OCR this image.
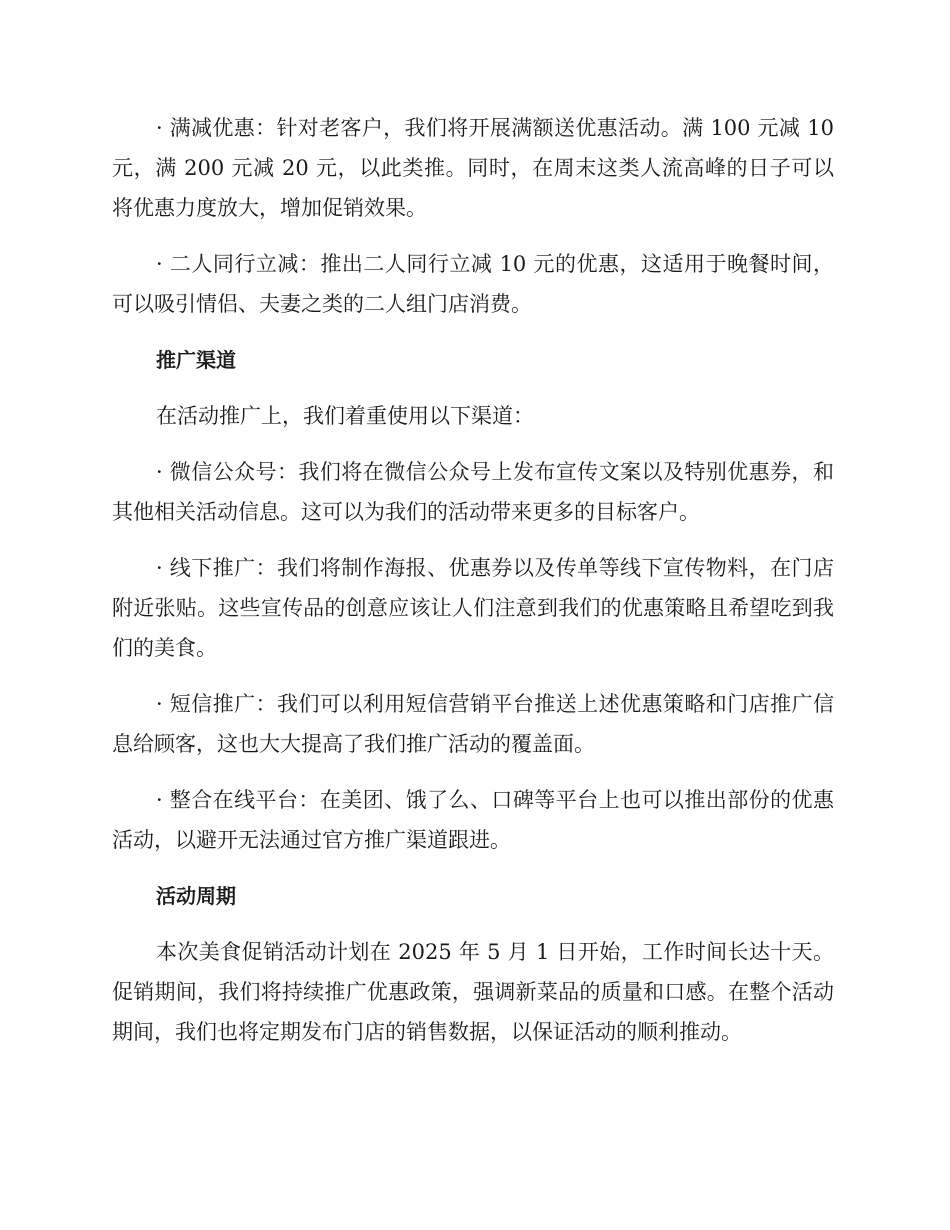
· 满减优惠：针对老客户，我们将开展满额送优惠活动。满 100 元减 10 元，满 200 元减 20 元，以此类推。同时，在周末这类人流高峰的日子可以将优惠力度放大，增加促销效果。

· 二人同行立减：推出二人同行立减 10 元的优惠，这适用于晚餐时间，可以吸引情侣、夫妻之类的二人组门店消费。

推广渠道

在活动推广上，我们着重使用以下渠道：

· 微信公众号：我们将在微信公众号上发布宣传文案以及特别优惠券，和其他相关活动信息。这可以为我们的活动带来更多的目标客户。

· 线下推广：我们将制作海报、优惠券以及传单等线下宣传物料，在门店附近张贴。这些宣传品的创意应该让人们注意到我们的优惠策略且希望吃到我们的美食。

· 短信推广：我们可以利用短信营销平台推送上述优惠策略和门店推广信息给顾客，这也大大提高了我们推广活动的覆盖面。

· 整合在线平台：在美团、饿了么、口碑等平台上也可以推出部份的优惠活动，以避开无法通过官方推广渠道跟进。

活动周期

本次美食促销活动计划在 2025 年 5 月 1 日开始，工作时间长达十天。促销期间，我们将持续推广优惠政策，强调新菜品的质量和口感。在整个活动期间，我们也将定期发布门店的销售数据，以保证活动的顺利推动。
